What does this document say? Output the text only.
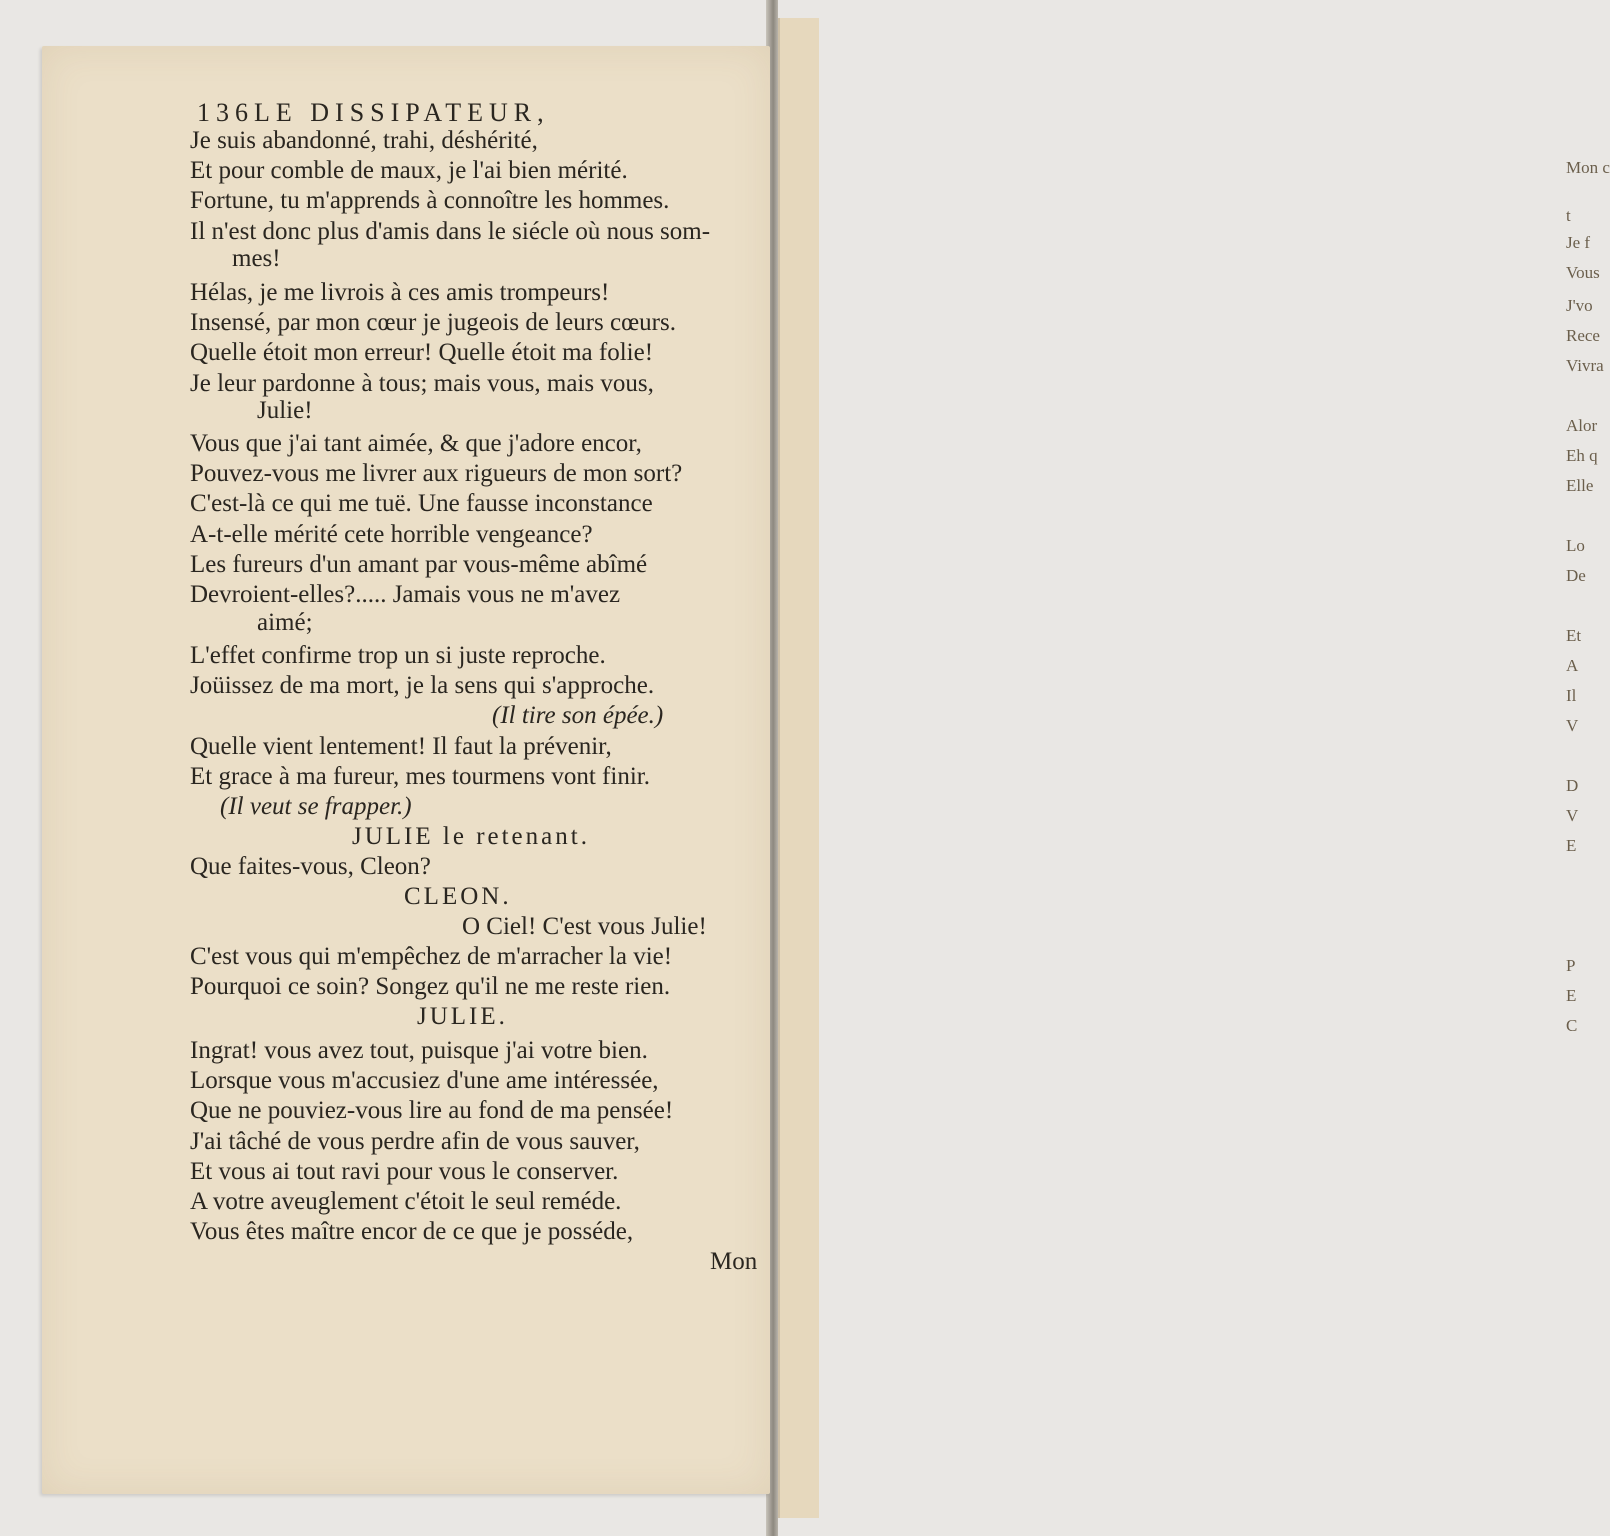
Mon c
t
Je f
Vous
J'vo
Rece
Vivra
Alor
Eh q
Elle
Lo
De
Et
A
Il
V
D
V
E
P
E
C
136 LE DISSIPATEUR,
Je suis abandonné, trahi, déshérité,
Et pour comble de maux, je l'ai bien mérité.
Fortune, tu m'apprends à connoître les hommes.
Il n'est donc plus d'amis dans le siécle où nous som-
mes!
Hélas, je me livrois à ces amis trompeurs!
Insensé, par mon cœur je jugeois de leurs cœurs.
Quelle étoit mon erreur! Quelle étoit ma folie!
Je leur pardonne à tous; mais vous, mais vous,
Julie!
Vous que j'ai tant aimée, & que j'adore encor,
Pouvez-vous me livrer aux rigueurs de mon sort?
C'est-là ce qui me tuë. Une fausse inconstance
A-t-elle mérité cete horrible vengeance?
Les fureurs d'un amant par vous-même abîmé
Devroient-elles?..... Jamais vous ne m'avez
aimé;
L'effet confirme trop un si juste reproche.
Joüissez de ma mort, je la sens qui s'approche.
(Il tire son épée.)
Quelle vient lentement! Il faut la prévenir,
Et grace à ma fureur, mes tourmens vont finir.
(Il veut se frapper.)
JULIE le retenant.
Que faites-vous, Cleon?
CLEON.
O Ciel! C'est vous Julie!
C'est vous qui m'empêchez de m'arracher la vie!
Pourquoi ce soin? Songez qu'il ne me reste rien.
JULIE.
Ingrat! vous avez tout, puisque j'ai votre bien.
Lorsque vous m'accusiez d'une ame intéressée,
Que ne pouviez-vous lire au fond de ma pensée!
J'ai tâché de vous perdre afin de vous sauver,
Et vous ai tout ravi pour vous le conserver.
A votre aveuglement c'étoit le seul reméde.
Vous êtes maître encor de ce que je posséde,
Mon
